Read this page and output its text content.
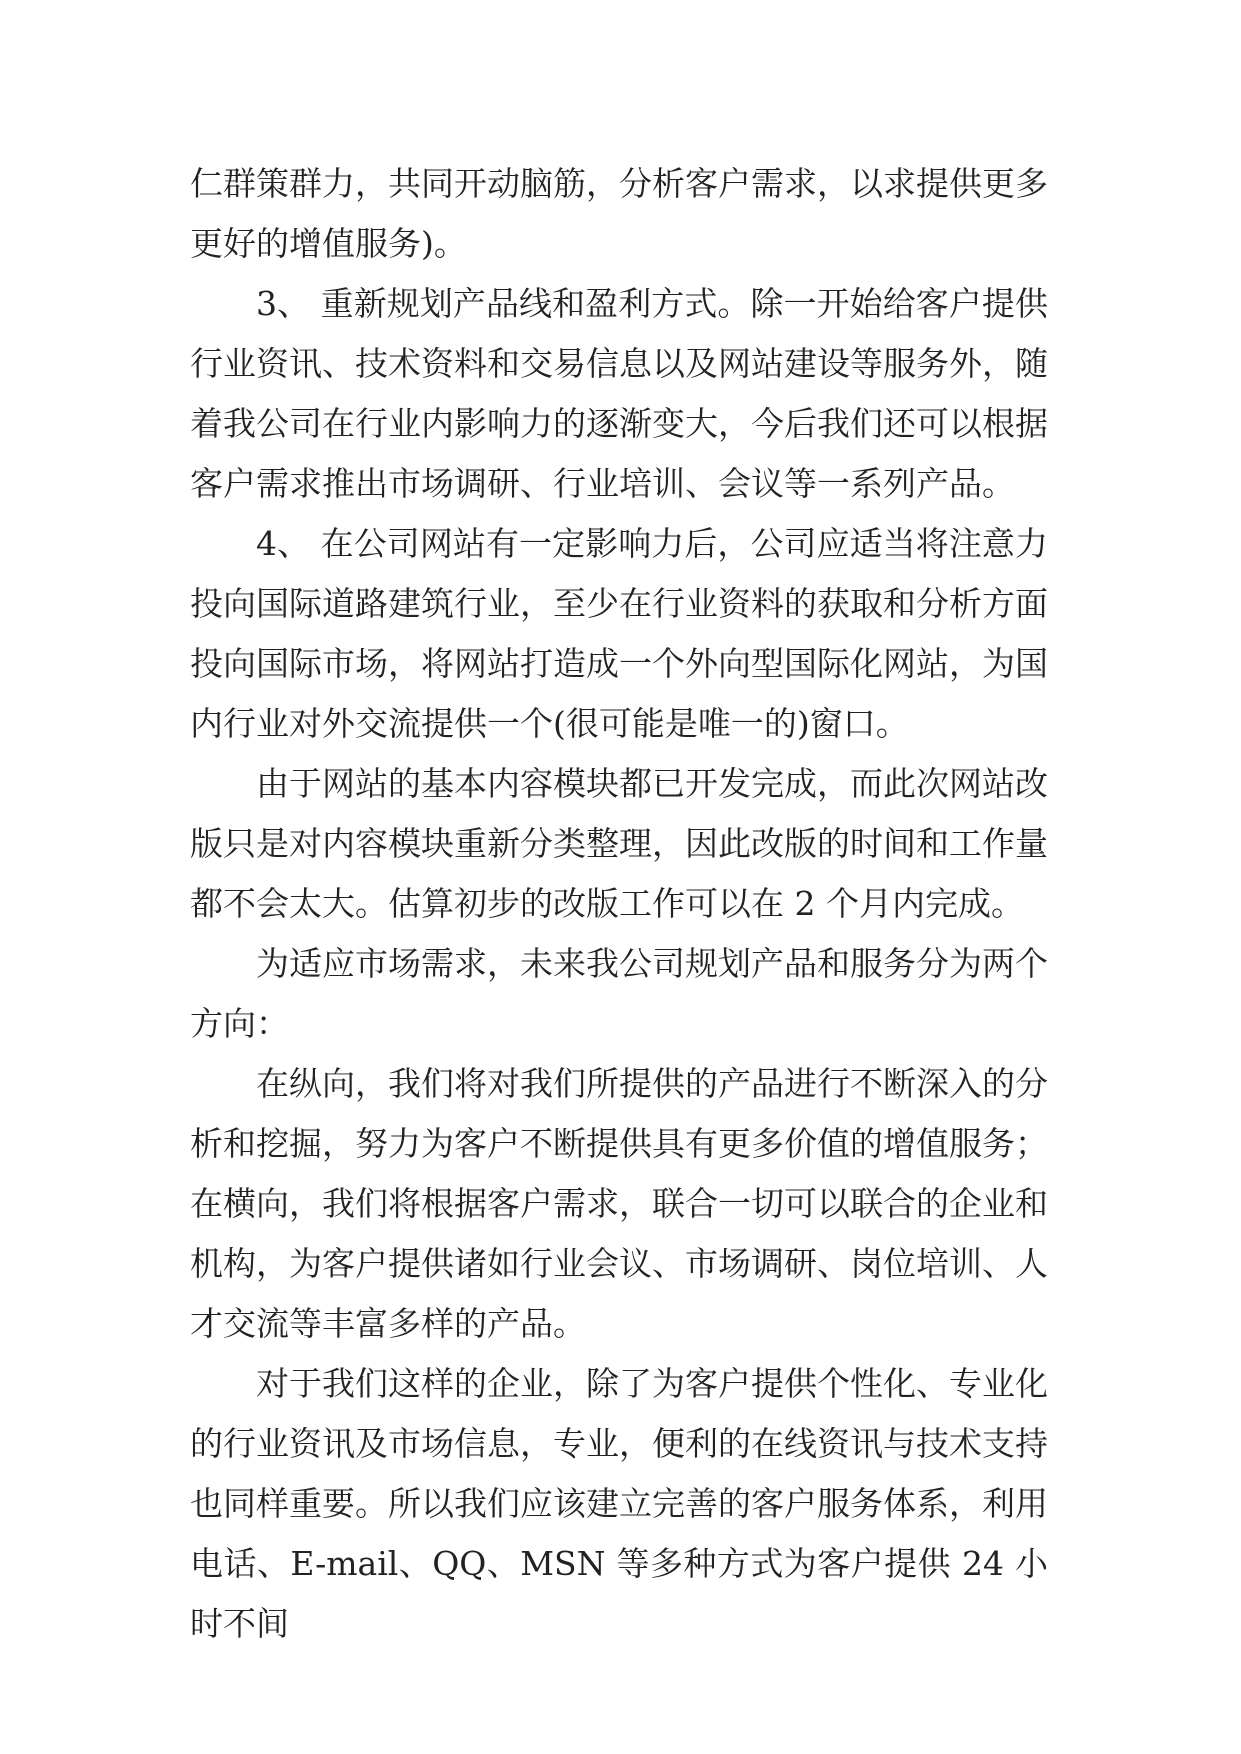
仁群策群力，共同开动脑筋，分析客户需求，以求提供更多更好的增值服务)。

3、 重新规划产品线和盈利方式。除一开始给客户提供行业资讯、技术资料和交易信息以及网站建设等服务外，随着我公司在行业内影响力的逐渐变大，今后我们还可以根据客户需求推出市场调研、行业培训、会议等一系列产品。

4、 在公司网站有一定影响力后，公司应适当将注意力投向国际道路建筑行业，至少在行业资料的获取和分析方面投向国际市场，将网站打造成一个外向型国际化网站，为国内行业对外交流提供一个(很可能是唯一的)窗口。

由于网站的基本内容模块都已开发完成，而此次网站改版只是对内容模块重新分类整理，因此改版的时间和工作量都不会太大。估算初步的改版工作可以在 2 个月内完成。

为适应市场需求，未来我公司规划产品和服务分为两个方向：

在纵向，我们将对我们所提供的产品进行不断深入的分析和挖掘，努力为客户不断提供具有更多价值的增值服务；在横向，我们将根据客户需求，联合一切可以联合的企业和机构，为客户提供诸如行业会议、市场调研、岗位培训、人才交流等丰富多样的产品。

对于我们这样的企业，除了为客户提供个性化、专业化的行业资讯及市场信息，专业，便利的在线资讯与技术支持也同样重要。所以我们应该建立完善的客户服务体系，利用电话、E-mail、QQ、MSN 等多种方式为客户提供 24 小时不间
